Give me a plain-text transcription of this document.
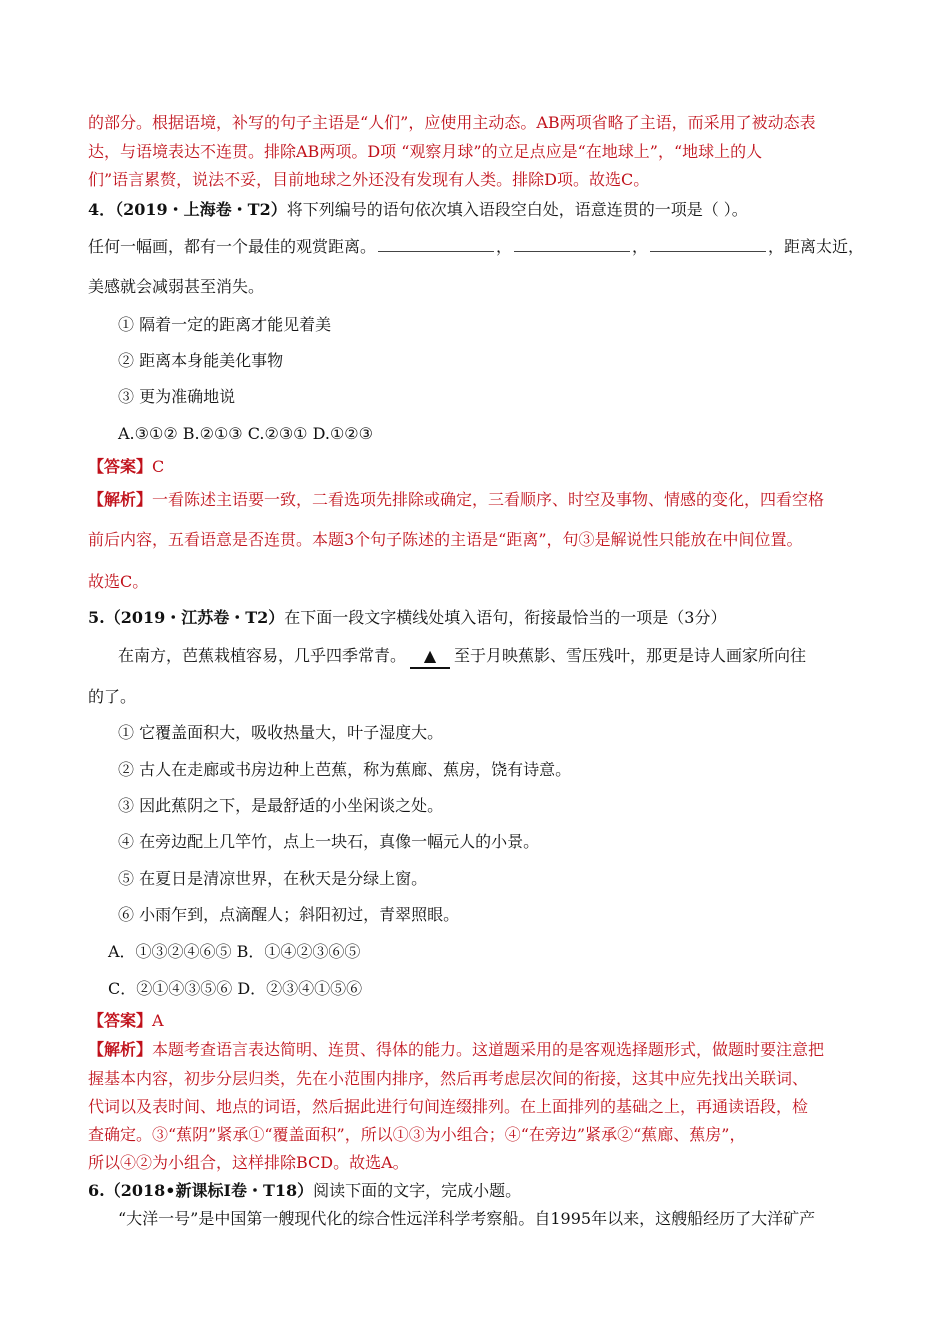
的部分。根据语境，补写的句子主语是“人们”，应使用主动态。AB两项省略了主语，而采用了被动态表
达，与语境表达不连贯。排除AB两项。D项 “观察月球”的立足点应是“在地球上”，“地球上的人
们”语言累赘，说法不妥，目前地球之外还没有发现有人类。排除D项。故选C。
4．（2019・上海卷・T2）将下列编号的语句依次填入语段空白处，语意连贯的一项是（ ）。
任何一幅画，都有一个最佳的观赏距离。	，	，	，距离太近，
美感就会减弱甚至消失。
① 隔着一定的距离才能见着美
② 距离本身能美化事物
③ 更为准确地说
A.③①② B.②①③ C.②③① D.①②③
【答案】C
【解析】一看陈述主语要一致，二看选项先排除或确定，三看顺序、时空及事物、情感的变化，四看空格
前后内容，五看语意是否连贯。本题3个句子陈述的主语是“距离”，句③是解说性只能放在中间位置。
故选C。
5.（2019・江苏卷・T2）在下面一段文字横线处填入语句，衔接最恰当的一项是（3分）
在南方，芭蕉栽植容易，几乎四季常青。 ▲ 至于月映蕉影、雪压残叶，那更是诗人画家所向往
的了。
① 它覆盖面积大，吸收热量大，叶子湿度大。
② 古人在走廊或书房边种上芭蕉，称为蕉廊、蕉房，饶有诗意。
③ 因此蕉阴之下，是最舒适的小坐闲谈之处。
④ 在旁边配上几竿竹，点上一块石，真像一幅元人的小景。
⑤ 在夏日是清凉世界，在秋天是分绿上窗。
⑥ 小雨乍到，点滴醒人；斜阳初过，青翠照眼。
A．①③②④⑥⑤ B．①④②③⑥⑤
C．②①④③⑤⑥ D．②③④①⑤⑥
【答案】A
【解析】本题考查语言表达简明、连贯、得体的能力。这道题采用的是客观选择题形式，做题时要注意把
握基本内容，初步分层归类，先在小范围内排序，然后再考虑层次间的衔接，这其中应先找出关联词、
代词以及表时间、地点的词语，然后据此进行句间连缀排列。在上面排列的基础之上，再通读语段，检
查确定。③“蕉阴”紧承①“覆盖面积”，所以①③为小组合；④“在旁边”紧承②“蕉廊、蕉房”，
所以④②为小组合，这样排除BCD。故选A。
6.（2018•新课标Ⅰ卷・T18）阅读下面的文字，完成小题。
“大洋一号”是中国第一艘现代化的综合性远洋科学考察船。自1995年以来，这艘船经历了大洋矿产
